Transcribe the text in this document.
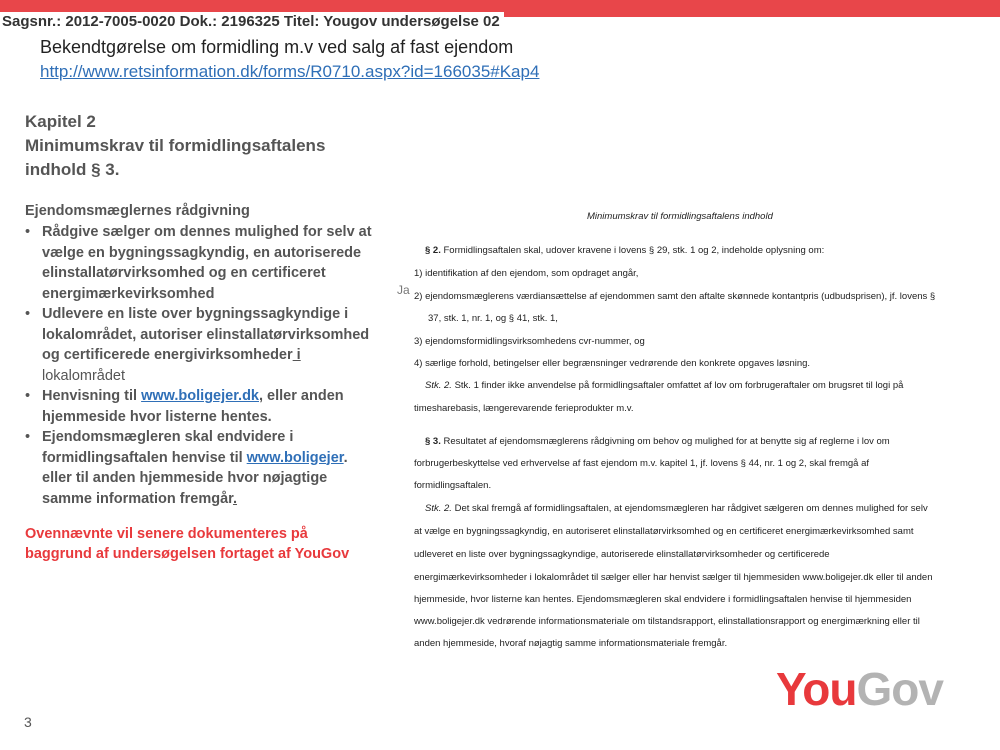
Sagsnr.: 2012-7005-0020 Dok.: 2196325 Titel: Yougov undersøgelse 02
Bekendtgørelse om formidling m.v ved salg af fast ejendom
http://www.retsinformation.dk/forms/R0710.aspx?id=166035#Kap4
Kapitel 2
Minimumskrav til formidlingsaftalens
indhold § 3.
Ejendomsmæglernes rådgivning
• Rådgive sælger om dennes mulighed for selv at
vælge en bygningssagkyndig, en autoriserede
elinstallatørvirksomhed og en certificeret
energimærkevirksomhed
• Udlevere en liste over bygningssagkyndige i
lokalområdet, autoriser elinstallatørvirksomhed
og certificerede energivirksomheder i
lokalområdet
• Henvisning til www.boligejer.dk, eller anden
hjemmeside hvor listerne hentes.
• Ejendomsmægleren skal endvidere i
formidlingsaftalen henvise til www.boligejer.
eller til anden hjemmeside hvor nøjagtige
samme information fremgår.
Ovennævnte vil senere dokumenteres på
baggrund af undersøgelsen fortaget af YouGov
Ja
Minimumskrav til formidlingsaftalens indhold
§ 2. Formidlingsaftalen skal, udover kravene i lovens § 29, stk. 1 og 2, indeholde oplysning om:
1) identifikation af den ejendom, som opdraget angår,
2) ejendomsmæglerens værdiansættelse af ejendommen samt den aftalte skønnede kontantpris (udbudsprisen), jf. lovens §
37, stk. 1, nr. 1, og § 41, stk. 1,
3) ejendomsformidlingsvirksomhedens cvr-nummer, og
4) særlige forhold, betingelser eller begrænsninger vedrørende den konkrete opgaves løsning.
Stk. 2. Stk. 1 finder ikke anvendelse på formidlingsaftaler omfattet af lov om forbrugeraftaler om brugsret til logi på
timesharebasis, længerevarende ferieprodukter m.v.
§ 3. Resultatet af ejendomsmæglerens rådgivning om behov og mulighed for at benytte sig af reglerne i lov om
forbrugerbeskyttelse ved erhvervelse af fast ejendom m.v. kapitel 1, jf. lovens § 44, nr. 1 og 2, skal fremgå af
formidlingsaftalen.
Stk. 2. Det skal fremgå af formidlingsaftalen, at ejendomsmægleren har rådgivet sælgeren om dennes mulighed for selv
at vælge en bygningssagkyndig, en autoriseret elinstallatørvirksomhed og en certificeret energimærkevirksomhed samt
udleveret en liste over bygningssagkyndige, autoriserede elinstallatørvirksomheder og certificerede
energimærkevirksomheder i lokalområdet til sælger eller har henvist sælger til hjemmesiden www.boligejer.dk eller til anden
hjemmeside, hvor listerne kan hentes. Ejendomsmægleren skal endvidere i formidlingsaftalen henvise til hjemmesiden
www.boligejer.dk vedrørende informationsmateriale om tilstandsrapport, elinstallationsrapport og energimærkning eller til
anden hjemmeside, hvoraf nøjagtig samme informationsmateriale fremgår.
YouGov
3
